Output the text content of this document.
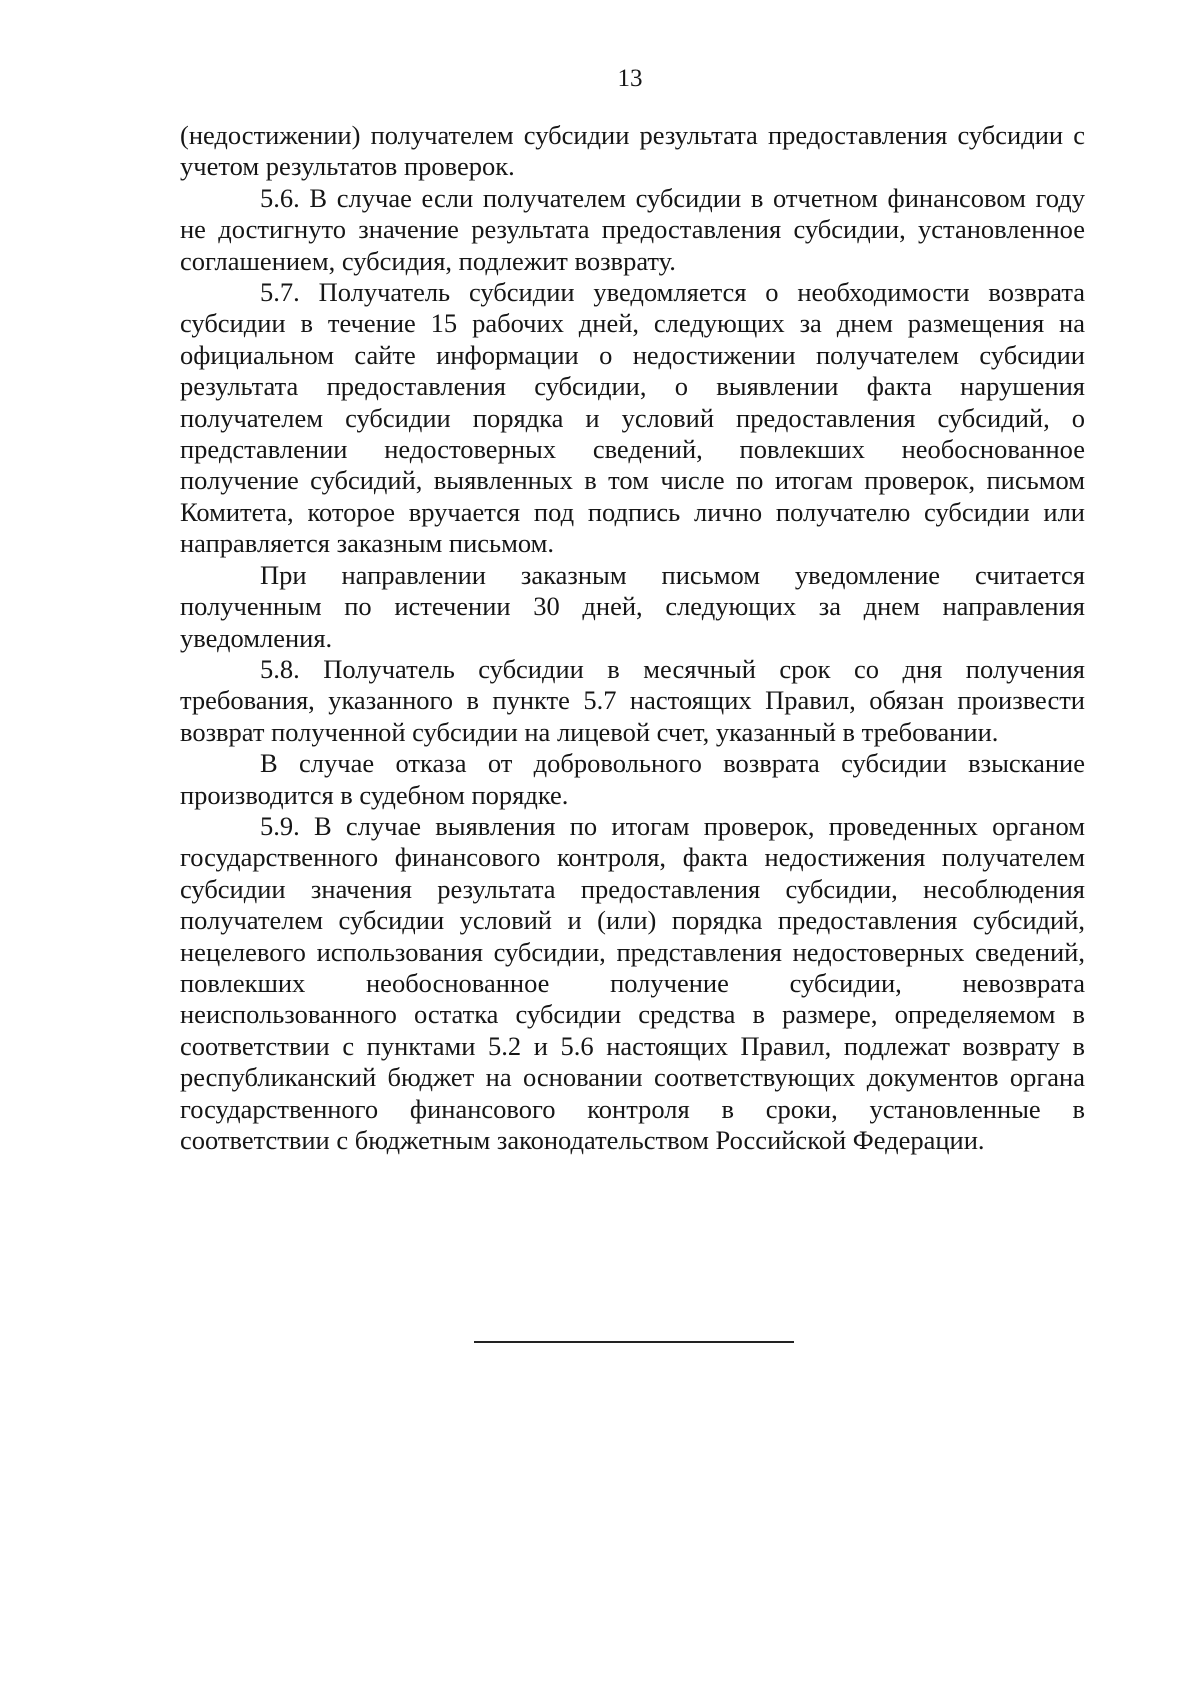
13

(недостижении) получателем субсидии результата предоставления субсидии с учетом результатов проверок.

5.6. В случае если получателем субсидии в отчетном финансовом году не достигнуто значение результата предоставления субсидии, установленное соглашением, субсидия, подлежит возврату.

5.7. Получатель субсидии уведомляется о необходимости возврата субсидии в течение 15 рабочих дней, следующих за днем размещения на официальном сайте информации о недостижении получателем субсидии результата предоставления субсидии, о выявлении факта нарушения получателем субсидии порядка и условий предоставления субсидий, о представлении недостоверных сведений, повлекших необоснованное получение субсидий, выявленных в том числе по итогам проверок, письмом Комитета, которое вручается под подпись лично получателю субсидии или направляется заказным письмом.

При направлении заказным письмом уведомление считается полученным по истечении 30 дней, следующих за днем направления уведомления.

5.8. Получатель субсидии в месячный срок со дня получения требования, указанного в пункте 5.7 настоящих Правил, обязан произвести возврат полученной субсидии на лицевой счет, указанный в требовании.

В случае отказа от добровольного возврата субсидии взыскание производится в судебном порядке.

5.9. В случае выявления по итогам проверок, проведенных органом государственного финансового контроля, факта недостижения получателем субсидии значения результата предоставления субсидии, несоблюдения получателем субсидии условий и (или) порядка предоставления субсидий, нецелевого использования субсидии, представления недостоверных сведений, повлекших необоснованное получение субсидии, невозврата неиспользованного остатка субсидии средства в размере, определяемом в соответствии с пунктами 5.2 и 5.6 настоящих Правил, подлежат возврату в республиканский бюджет на основании соответствующих документов органа государственного финансового контроля в сроки, установленные в соответствии с бюджетным законодательством Российской Федерации.
